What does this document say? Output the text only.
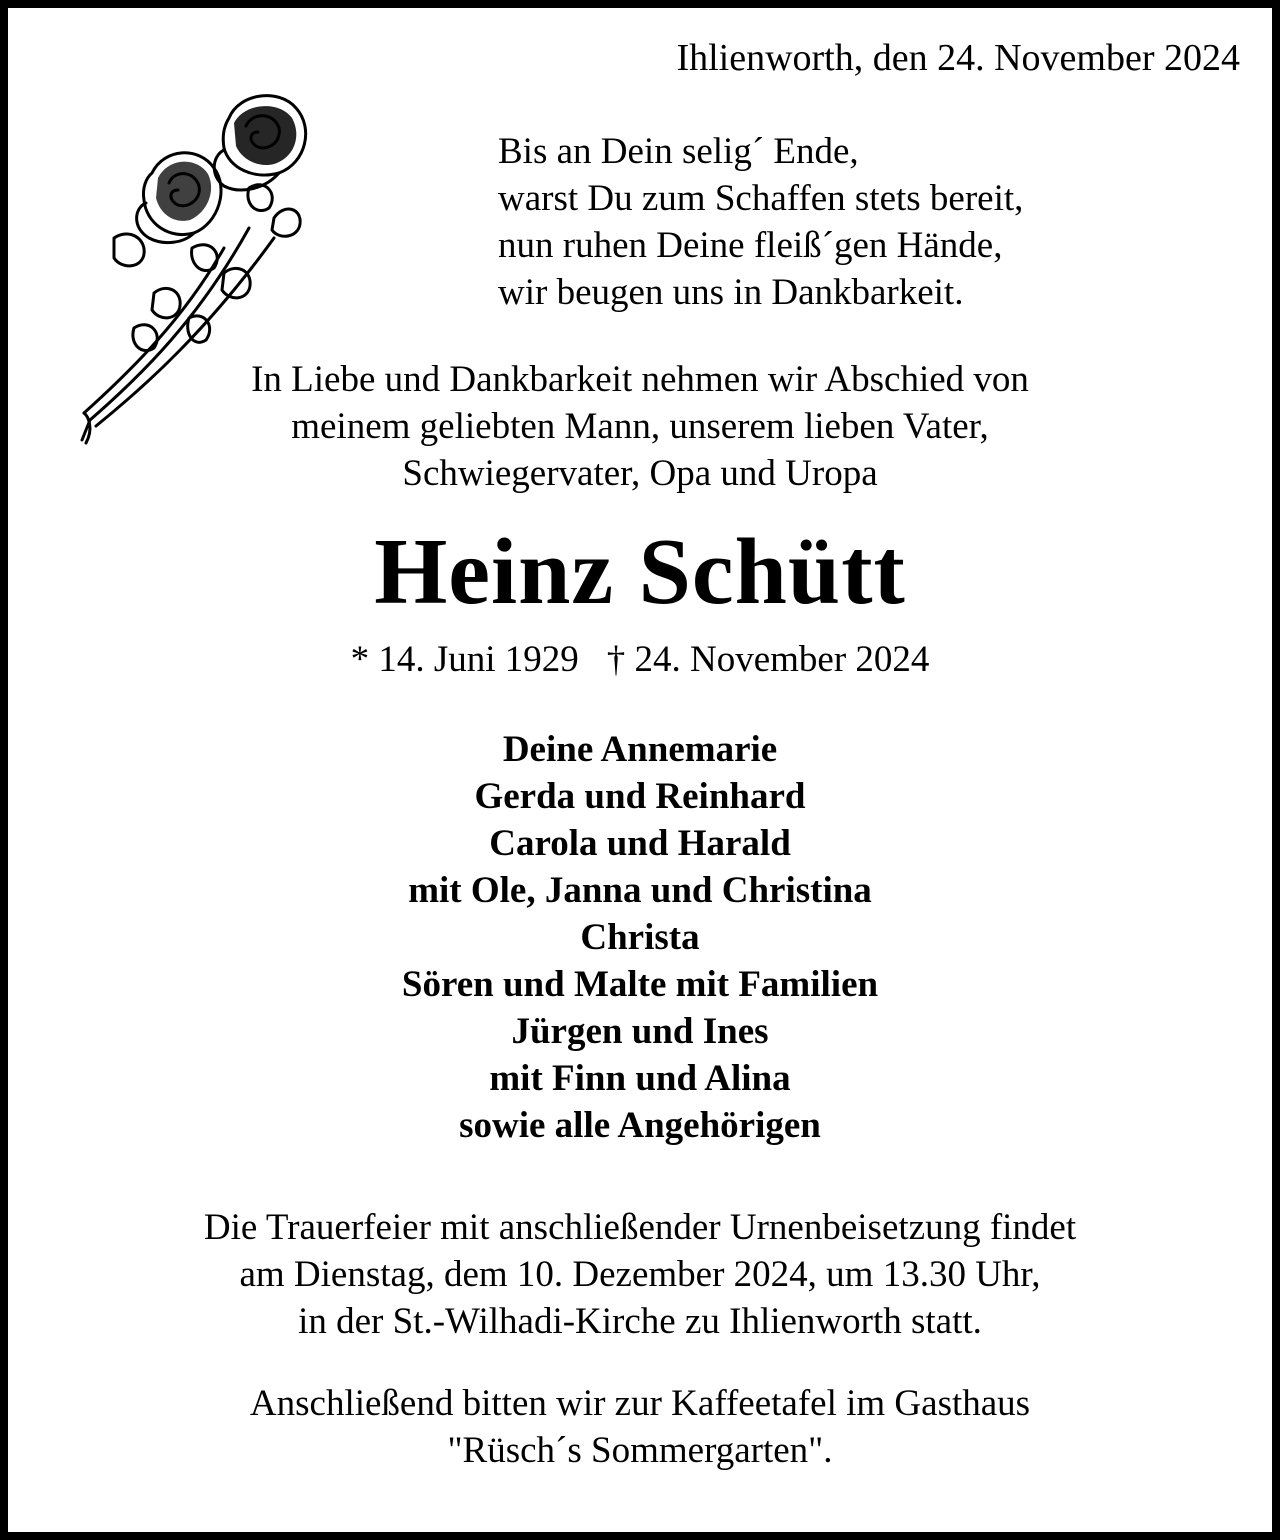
Ihlienworth, den 24. November 2024
Bis an Dein selig´ Ende,
warst Du zum Schaffen stets bereit,
nun ruhen Deine fleiß´gen Hände,
wir beugen uns in Dankbarkeit.
In Liebe und Dankbarkeit nehmen wir Abschied von
meinem geliebten Mann, unserem lieben Vater,
Schwiegervater, Opa und Uropa
Heinz Schütt
* 14. Juni 1929 † 24. November 2024
Deine Annemarie
Gerda und Reinhard
Carola und Harald
mit Ole, Janna und Christina
Christa
Sören und Malte mit Familien
Jürgen und Ines
mit Finn und Alina
sowie alle Angehörigen
Die Trauerfeier mit anschließender Urnenbeisetzung findet
am Dienstag, dem 10. Dezember 2024, um 13.30 Uhr,
in der St.-Wilhadi-Kirche zu Ihlienworth statt.
Anschließend bitten wir zur Kaffeetafel im Gasthaus
"Rüsch´s Sommergarten".
